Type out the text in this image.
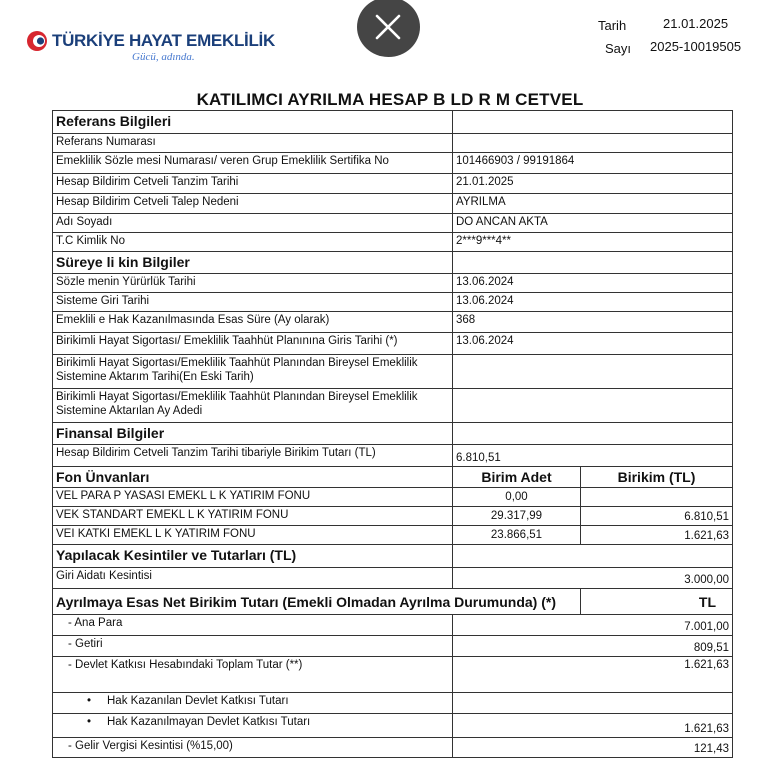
TÜRKİYE HAYAT EMEKLİLİK
Gücü, adında.
Tarih	21.01.2025
Sayı 2025-10019505
KATILIMCI AYRILMA HESAP B LD R M CETVEL
Referans Bilgileri		
Referans Numarası		
Emeklilik Sözle mesi Numarası/ veren Grup Emeklilik Sertifika No	101466903 / 99191864	
Hesap Bildirim Cetveli Tanzim Tarihi	21.01.2025	
Hesap Bildirim Cetveli Talep Nedeni	AYRILMA	
Adı Soyadı	DO ANCAN AKTA	
T.C Kimlik No	2***9***4**	
Süreye li kin Bilgiler		
Sözle menin Yürürlük Tarihi	13.06.2024	
Sisteme Giri Tarihi	13.06.2024	
Emeklili e Hak Kazanılmasında Esas Süre (Ay olarak)	368	
Birikimli Hayat Sigortası/ Emeklilik Taahhüt Planınına Giris Tarihi (*)	13.06.2024	
Birikimli Hayat Sigortası/Emeklilik Taahhüt Planından Bireysel Emeklilik Sistemine Aktarım Tarihi(En Eski Tarih)		
Birikimli Hayat Sigortası/Emeklilik Taahhüt Planından Bireysel Emeklilik Sistemine Aktarılan Ay Adedi		
Finansal Bilgiler		
Hesap Bildirim Cetveli Tanzim Tarihi tibariyle Birikim Tutarı (TL)	6.810,51	
Fon Ünvanları	Birim Adet	Birikim (TL)
VEL PARA P YASASI EMEKL L K YATIRIM FONU	0,00	
VEK STANDART EMEKL L K YATIRIM FONU	29.317,99	6.810,51
VEI KATKI EMEKL L K YATIRIM FONU	23.866,51	1.621,63
Yapılacak Kesintiler ve Tutarları (TL)		
Giri Aidatı Kesintisi	3.000,00	
Ayrılmaya Esas Net Birikim Tutarı (Emekli Olmadan Ayrılma Durumunda) (*)		TL
- Ana Para	7.001,00	
- Getiri	809,51	
- Devlet Katkısı Hesabındaki Toplam Tutar (**)	1.621,63	
• Hak Kazanılan Devlet Katkısı Tutarı		
• Hak Kazanılmayan Devlet Katkısı Tutarı	1.621,63	
- Gelir Vergisi Kesintisi (%15,00)	121,43	
